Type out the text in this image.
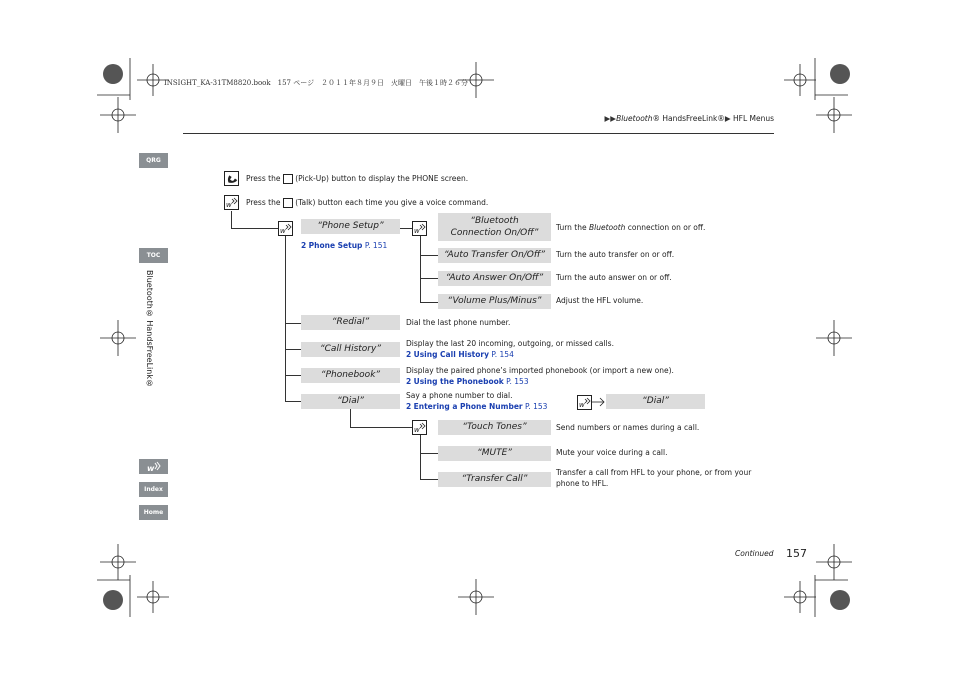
INSIGHT_KA-31TM8820.book　157 ページ　２０１１年８月９日　火曜日　午後１時２６分
▶▶Bluetooth® HandsFreeLink®▶ HFL Menus
QRG
TOC
Bluetooth® HandsFreeLink®
w
Index
Home
Press the (Pick-Up) button to display the PHONE screen.
w Press the (Talk) button each time you give a voice command.
w	w
w
w
“Phone Setup”
2 Phone Setup P. 151
“Bluetooth
Connection On/Off”
Turn the Bluetooth connection on or off.
“Auto Transfer On/Off”	Turn the auto transfer on or off.
“Auto Answer On/Off”	Turn the auto answer on or off.
“Volume Plus/Minus”	Adjust the HFL volume.
“Redial”	Dial the last phone number.
“Call History”
Display the last 20 incoming, outgoing, or missed calls.
2 Using Call History P. 154
“Phonebook”	Display the paired phone’s imported phonebook (or import a new one).
2 Using the Phonebook P. 153
“Dial”
Say a phone number to dial.
2 Entering a Phone Number P. 153
“Dial”
“Touch Tones”	Send numbers or names during a call.
“MUTE”	Mute your voice during a call.
“Transfer Call”
Transfer a call from HFL to your phone, or from your
phone to HFL.
Continued 157
